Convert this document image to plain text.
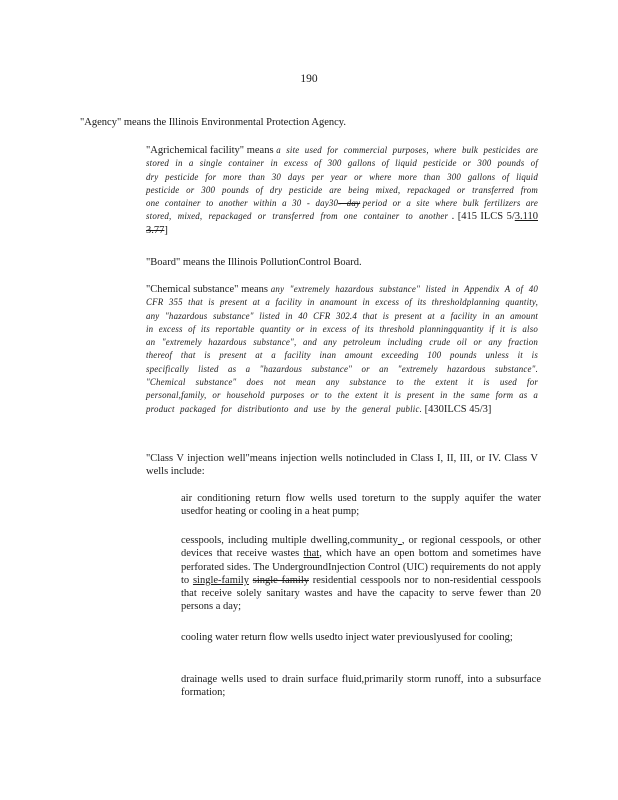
190
"Agency" means the Illinois Environmental Protection Agency.
"Agrichemical facility" means a site used for commercial purposes, where bulk pesticides are stored in a single container in excess of 300 gallons of liquid pesticide or 300 pounds of dry pesticide for more than 30 days per year or where more than 300 gallons of liquid pesticide or 300 pounds of dry pesticide are being mixed, repackaged or transferred from one container to another within a 30 - day30- day period or a site where bulk fertilizers are stored, mixed, repackaged or transferred from one container to another . [415 ILCS 5/3.110 3.77]
"Board" means the Illinois PollutionControl Board.
"Chemical substance" means any "extremely hazardous substance" listed in Appendix A of 40 CFR 355 that is present at a facility in anamount in excess of its thresholdplanning quantity, any "hazardous substance" listed in 40 CFR 302.4 that is present at a facility in an amount in excess of its reportable quantity or in excess of its threshold planningquantity if it is also an "extremely hazardous substance", and any petroleum including crude oil or any fraction thereof that is present at a facility inan amount exceeding 100 pounds unless it is specifically listed as a "hazardous substance" or an "extremely hazardous substance". "Chemical substance" does not mean any substance to the extent it is used for personal,family, or household purposes or to the extent it is present in the same form as a product packaged for distributionto and use by the general public. [430ILCS 45/3]
"Class V injection well"means injection wells notincluded in Class I, II, III, or IV. Class V wells include:
air conditioning return flow wells used toreturn to the supply aquifer the water usedfor heating or cooling in a heat pump;
cesspools, including multiple dwelling,community , or regional cesspools, or other devices that receive wastes that, which have an open bottom and sometimes have perforated sides. The UndergroundInjection Control (UIC) requirements do not apply to single-family single family residential cesspools nor to non-residential cesspools that receive solely sanitary wastes and have the capacity to serve fewer than 20 persons a day;
cooling water return flow wells usedto inject water previouslyused for cooling;
drainage wells used to drain surface fluid,primarily storm runoff, into a subsurface formation;
